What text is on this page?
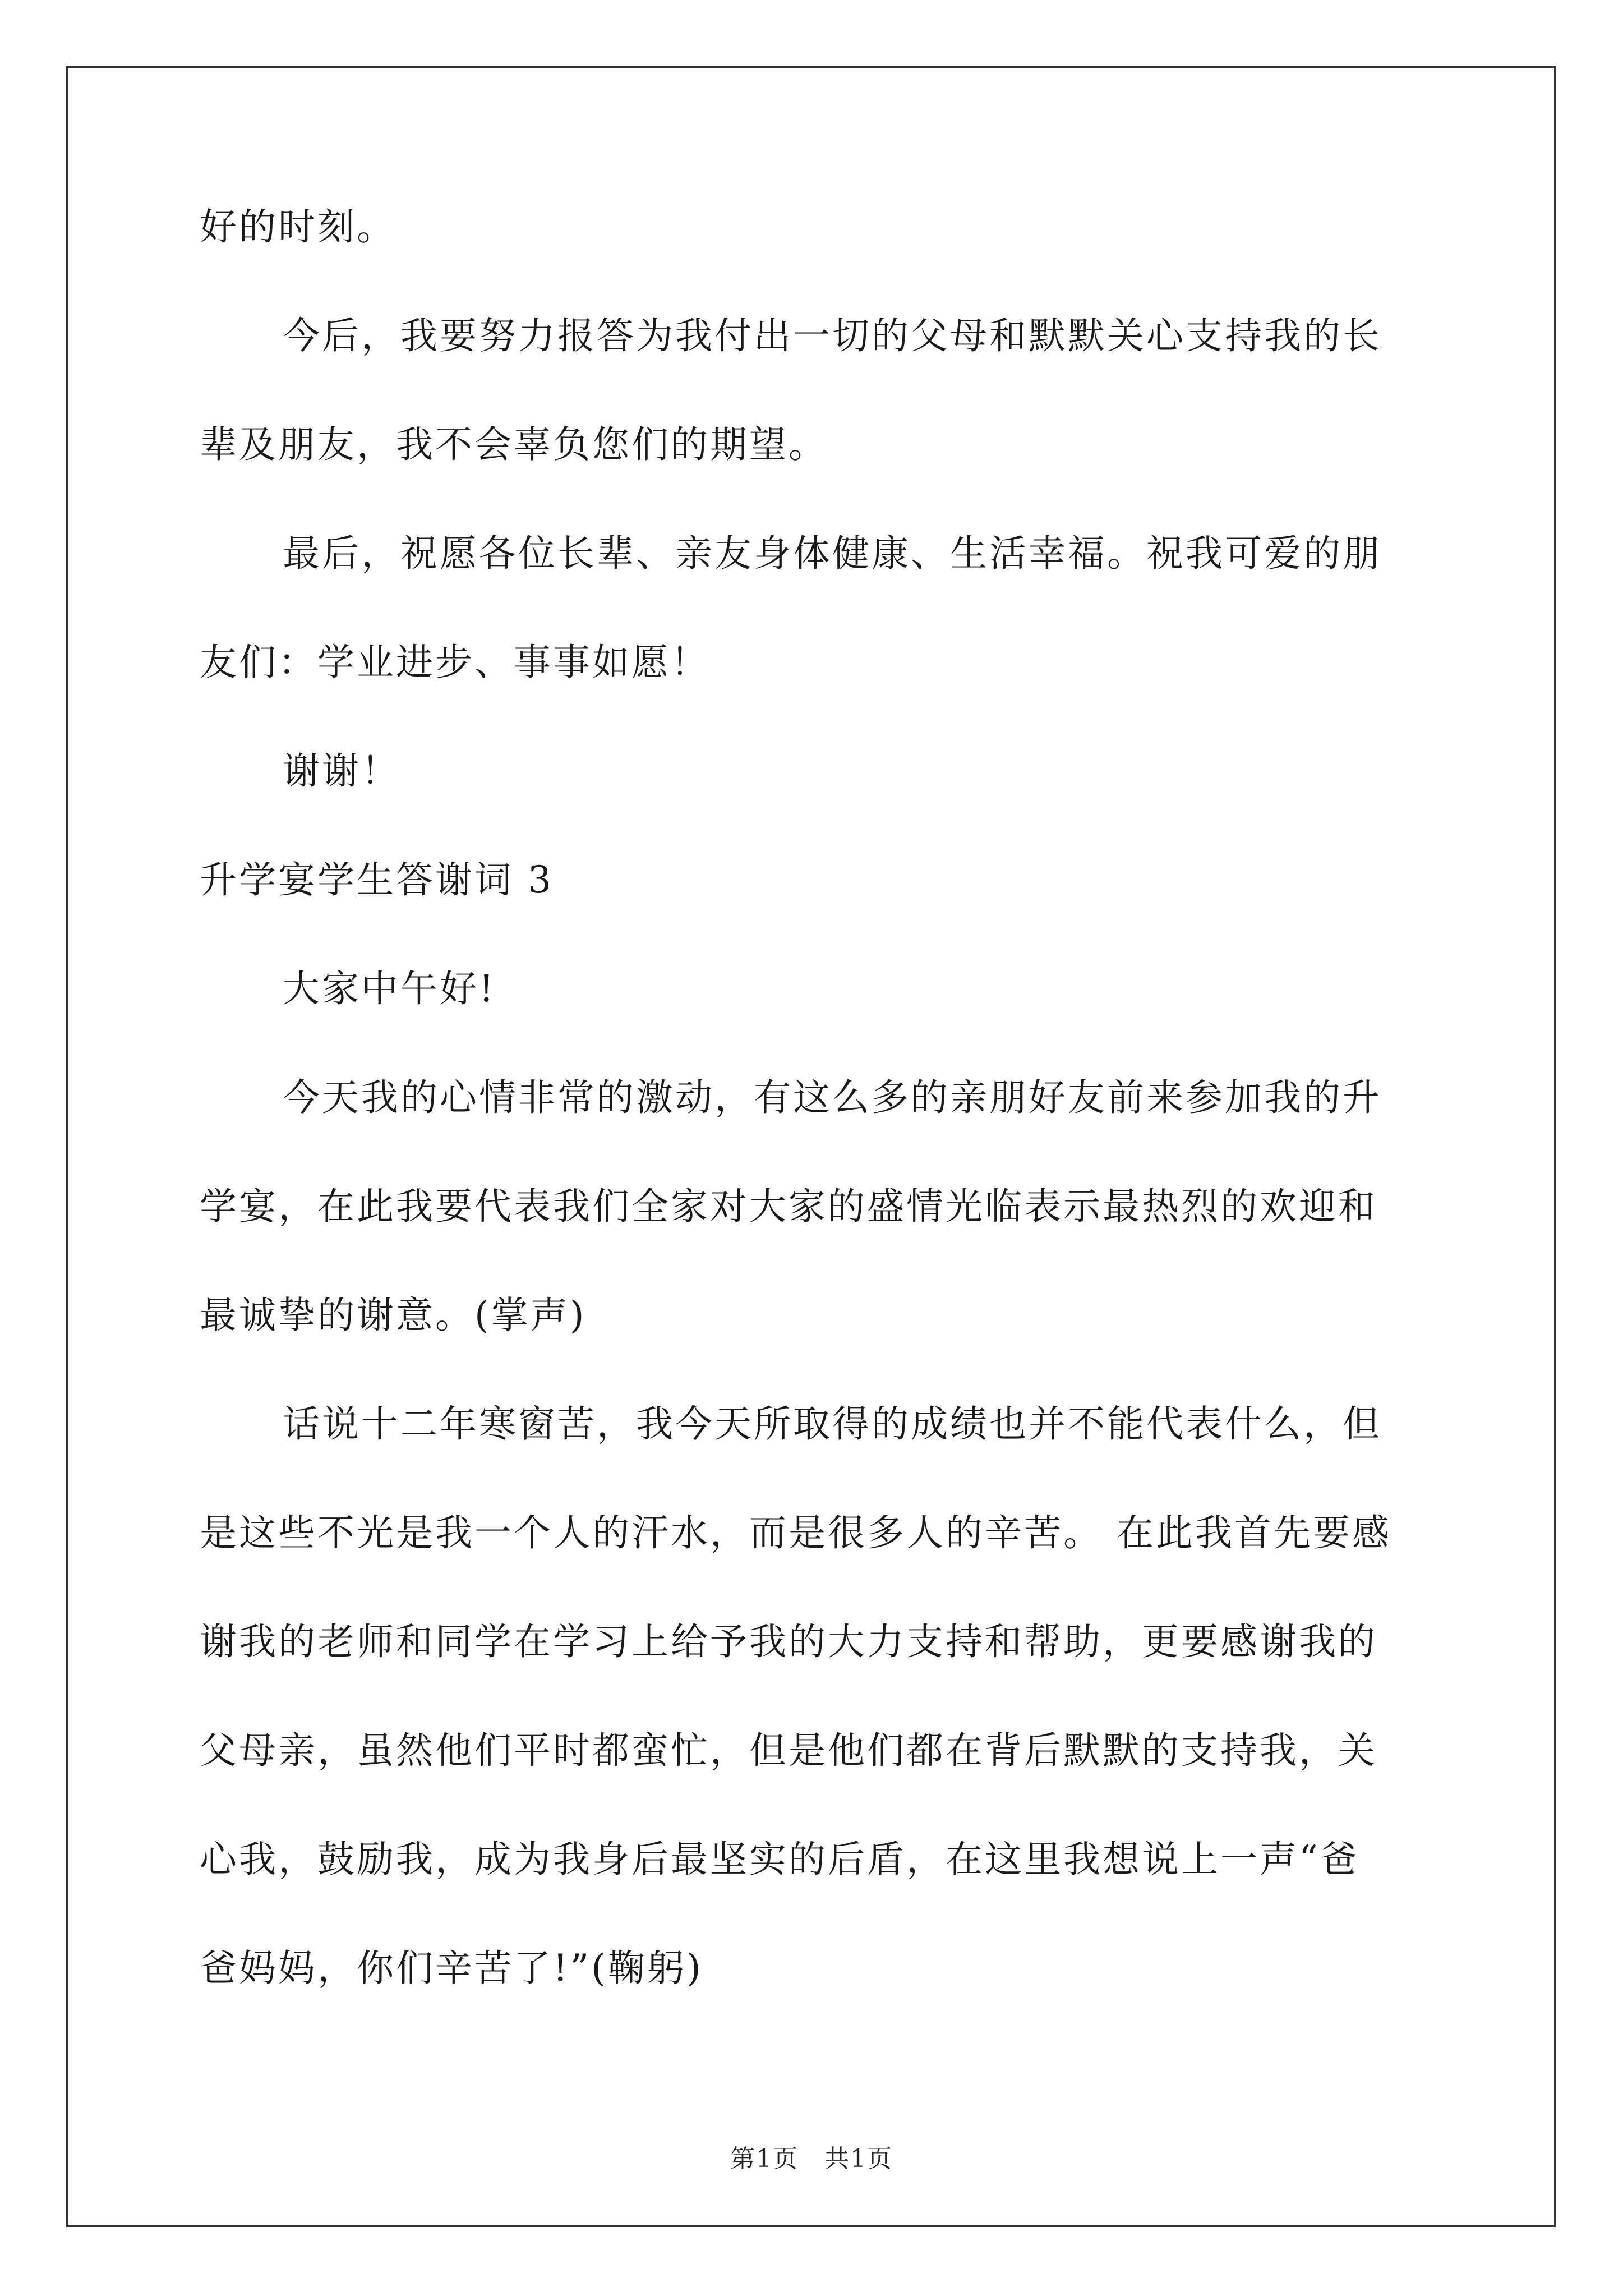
好的时刻。
今后，我要努力报答为我付出一切的父母和默默关心支持我的长
辈及朋友，我不会辜负您们的期望。
最后，祝愿各位长辈、亲友身体健康、生活幸福。祝我可爱的朋
友们：学业进步、事事如愿！
谢谢！
升学宴学生答谢词 3
大家中午好!
今天我的心情非常的激动，有这么多的亲朋好友前来参加我的升
学宴，在此我要代表我们全家对大家的盛情光临表示最热烈的欢迎和
最诚挚的谢意。(掌声)
话说十二年寒窗苦，我今天所取得的成绩也并不能代表什么，但
是这些不光是我一个人的汗水，而是很多人的辛苦。 在此我首先要感
谢我的老师和同学在学习上给予我的大力支持和帮助，更要感谢我的
父母亲，虽然他们平时都蛮忙，但是他们都在背后默默的支持我，关
心我，鼓励我，成为我身后最坚实的后盾，在这里我想说上一声“爸
爸妈妈，你们辛苦了!”(鞠躬)
第1页　共1页
